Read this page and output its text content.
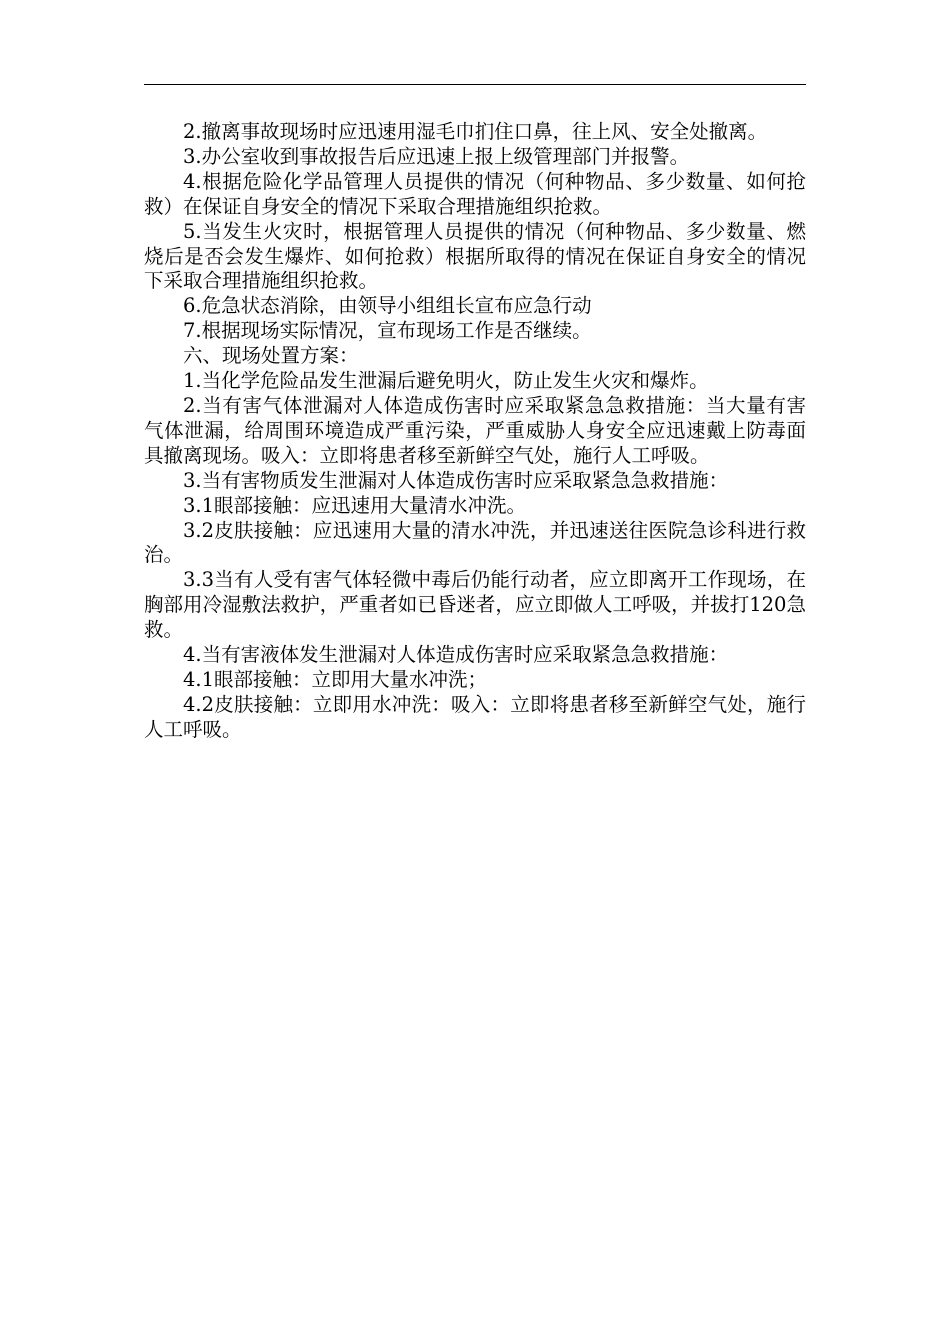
2.撤离事故现场时应迅速用湿毛巾扪住口鼻，往上风、安全处撤离。

3.办公室收到事故报告后应迅速上报上级管理部门并报警。

4.根据危险化学品管理人员提供的情况（何种物品、多少数量、如何抢救）在保证自身安全的情况下采取合理措施组织抢救。

5.当发生火灾时，根据管理人员提供的情况（何种物品、多少数量、燃烧后是否会发生爆炸、如何抢救）根据所取得的情况在保证自身安全的情况下采取合理措施组织抢救。

6.危急状态消除，由领导小组组长宣布应急行动

7.根据现场实际情况，宣布现场工作是否继续。

六、现场处置方案：

1.当化学危险品发生泄漏后避免明火，防止发生火灾和爆炸。

2.当有害气体泄漏对人体造成伤害时应采取紧急急救措施：当大量有害气体泄漏，给周围环境造成严重污染，严重威胁人身安全应迅速戴上防毒面具撤离现场。吸入：立即将患者移至新鲜空气处，施行人工呼吸。

3.当有害物质发生泄漏对人体造成伤害时应采取紧急急救措施：

3.1眼部接触：应迅速用大量清水冲洗。

3.2皮肤接触：应迅速用大量的清水冲洗，并迅速送往医院急诊科进行救治。

3.3当有人受有害气体轻微中毒后仍能行动者，应立即离开工作现场，在胸部用冷湿敷法救护，严重者如已昏迷者，应立即做人工呼吸，并拔打120急救。

4.当有害液体发生泄漏对人体造成伤害时应采取紧急急救措施：

4.1眼部接触：立即用大量水冲洗；

4.2皮肤接触：立即用水冲洗：吸入：立即将患者移至新鲜空气处，施行人工呼吸。
